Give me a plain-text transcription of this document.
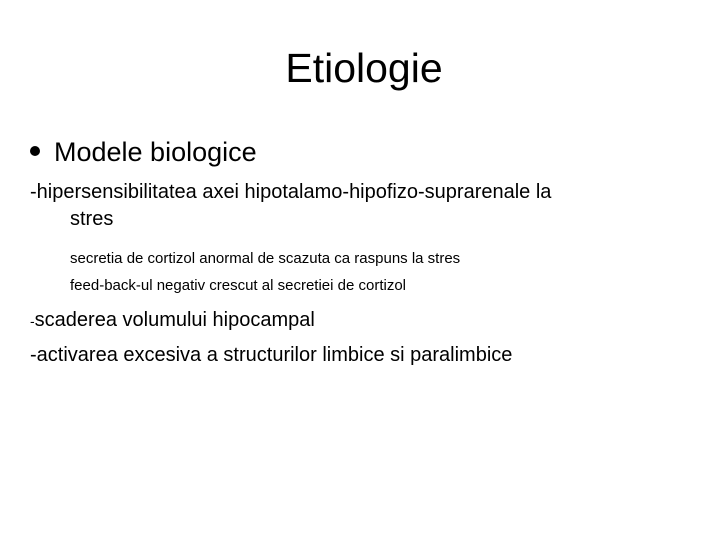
Etiologie
Modele biologice
-hipersensibilitatea axei hipotalamo-hipofizo-suprarenale la
stres
secretia de cortizol anormal de scazuta ca raspuns la stres
feed-back-ul negativ crescut al secretiei de cortizol
-scaderea volumului hipocampal
-activarea excesiva a structurilor limbice si paralimbice
